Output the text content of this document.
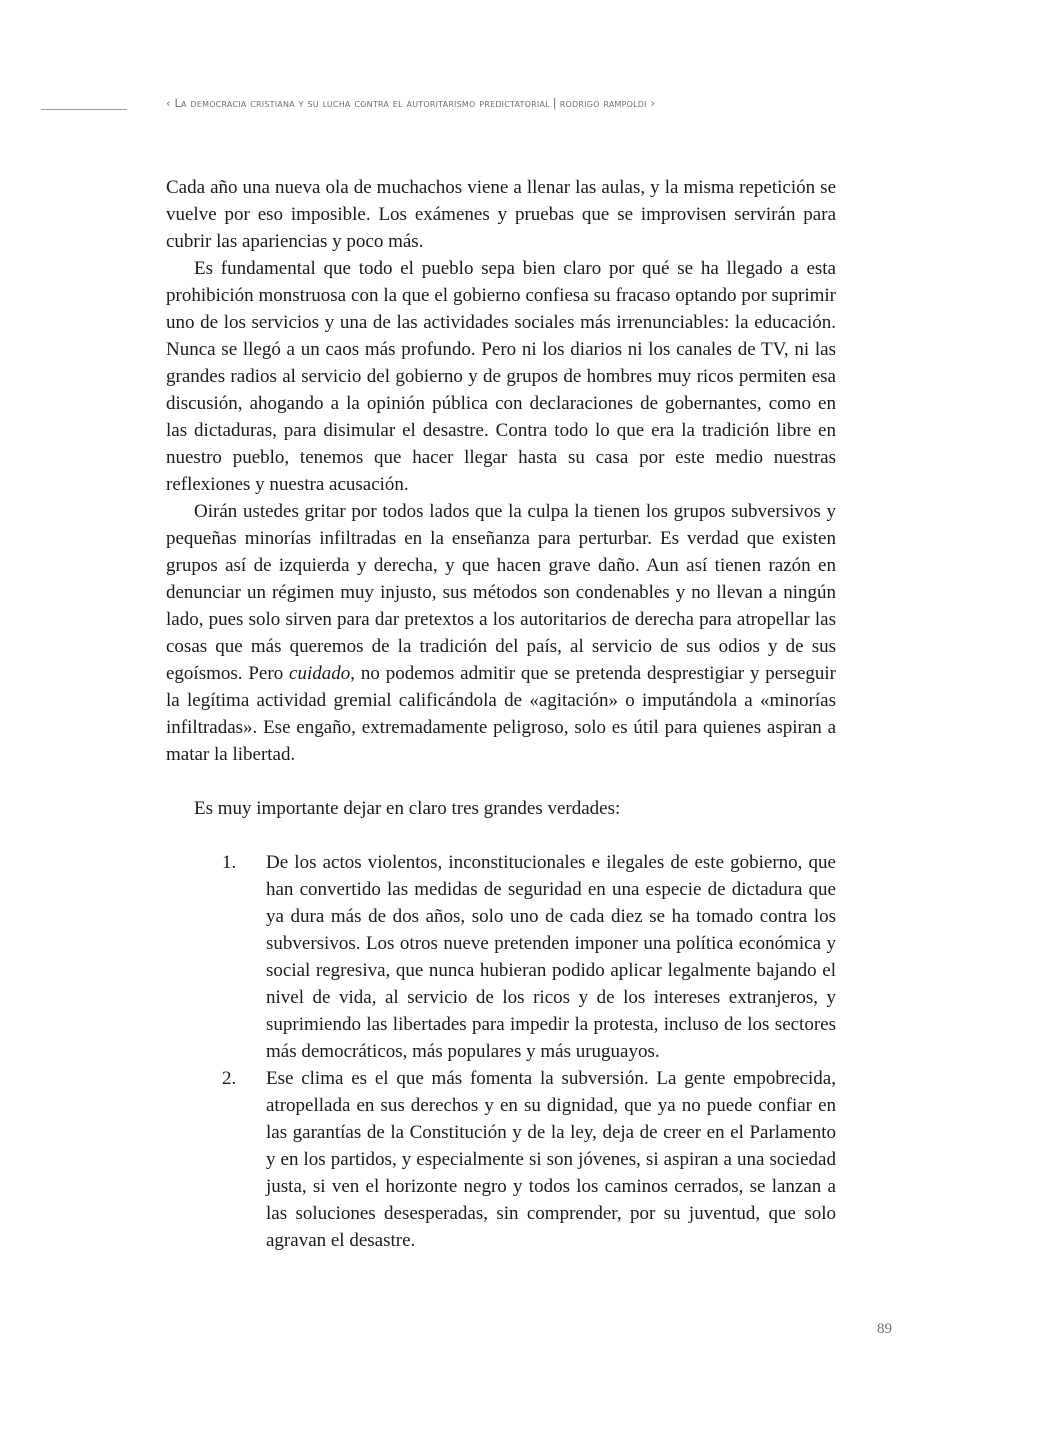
‹ La democracia cristiana y su lucha contra el autoritarismo predictatorial | rodrigo rampoldi ›

Cada año una nueva ola de muchachos viene a llenar las aulas, y la misma repetición se vuelve por eso imposible. Los exámenes y pruebas que se improvisen servirán para cubrir las apariencias y poco más.

Es fundamental que todo el pueblo sepa bien claro por qué se ha llegado a esta prohibición monstruosa con la que el gobierno confiesa su fracaso optando por suprimir uno de los servicios y una de las actividades sociales más irrenunciables: la educación. Nunca se llegó a un caos más profundo. Pero ni los diarios ni los canales de TV, ni las grandes radios al servicio del gobierno y de grupos de hombres muy ricos permiten esa discusión, ahogando a la opinión pública con declaraciones de gobernantes, como en las dictaduras, para disimular el desastre. Contra todo lo que era la tradición libre en nuestro pueblo, tenemos que hacer llegar hasta su casa por este medio nuestras reflexiones y nuestra acusación.

Oirán ustedes gritar por todos lados que la culpa la tienen los grupos subversivos y pequeñas minorías infiltradas en la enseñanza para perturbar. Es verdad que existen grupos así de izquierda y derecha, y que hacen grave daño. Aun así tienen razón en denunciar un régimen muy injusto, sus métodos son condenables y no llevan a ningún lado, pues solo sirven para dar pretextos a los autoritarios de derecha para atropellar las cosas que más queremos de la tradición del país, al servicio de sus odios y de sus egoísmos. Pero cuidado, no podemos admitir que se pretenda desprestigiar y perseguir la legítima actividad gremial calificándola de «agitación» o imputándola a «minorías infiltradas». Ese engaño, extremadamente peligroso, solo es útil para quienes aspiran a matar la libertad.

Es muy importante dejar en claro tres grandes verdades:

1. De los actos violentos, inconstitucionales e ilegales de este gobierno, que han convertido las medidas de seguridad en una especie de dictadura que ya dura más de dos años, solo uno de cada diez se ha tomado contra los subversivos. Los otros nueve pretenden imponer una política económica y social regresiva, que nunca hubieran podido aplicar legalmente bajando el nivel de vida, al servicio de los ricos y de los intereses extranjeros, y suprimiendo las libertades para impedir la protesta, incluso de los sectores más democráticos, más populares y más uruguayos.
2. Ese clima es el que más fomenta la subversión. La gente empobrecida, atropellada en sus derechos y en su dignidad, que ya no puede confiar en las garantías de la Constitución y de la ley, deja de creer en el Parlamento y en los partidos, y especialmente si son jóvenes, si aspiran a una sociedad justa, si ven el horizonte negro y todos los caminos cerrados, se lanzan a las soluciones desesperadas, sin comprender, por su juventud, que solo agravan el desastre.
89
